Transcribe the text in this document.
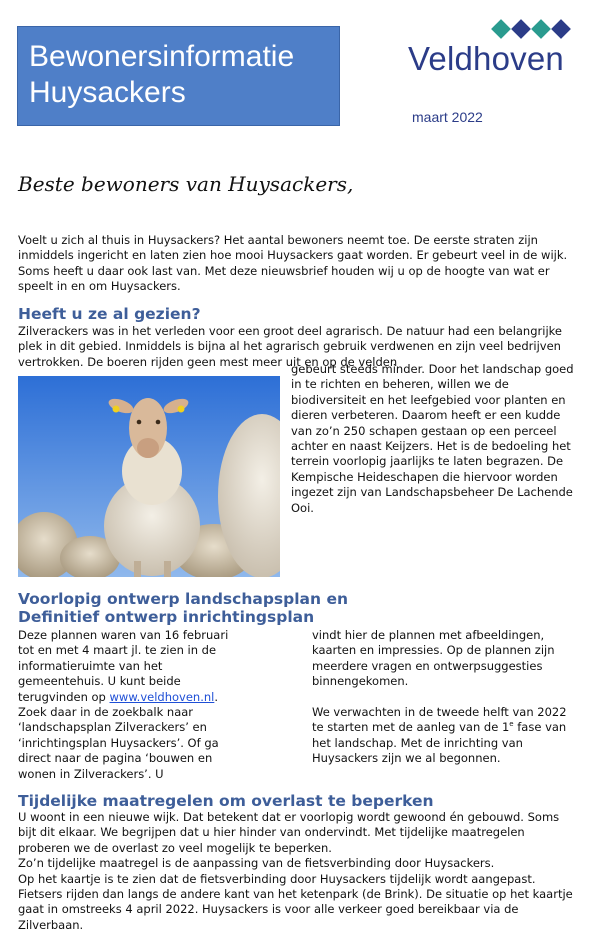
Bewonersinformatie
Huysackers
Veldhoven
maart 2022
Beste bewoners van Huysackers,

Voelt u zich al thuis in Huysackers? Het aantal bewoners neemt toe. De eerste straten zijn inmiddels ingericht en laten zien hoe mooi Huysackers gaat worden. Er gebeurt veel in de wijk. Soms heeft u daar ook last van. Met deze nieuwsbrief houden wij u op de hoogte van wat er speelt in en om Huysackers.

Heeft u ze al gezien?

Zilverackers was in het verleden voor een groot deel agrarisch. De natuur had een belangrijke plek in dit gebied. Inmiddels is bijna al het agrarisch gebruik verdwenen en zijn veel bedrijven vertrokken. De boeren rijden geen mest meer uit en op de velden

gebeurt steeds minder. Door het landschap goed in te richten en beheren, willen we de biodiversiteit en het leefgebied voor planten en dieren verbeteren. Daarom heeft er een kudde van zo’n 250 schapen gestaan op een perceel achter en naast Keijzers. Het is de bedoeling het terrein voorlopig jaarlijks te laten begrazen. De Kempische Heideschapen die hiervoor worden ingezet zijn van Landschapsbeheer De Lachende Ooi.

Voorlopig ontwerp landschapsplan en
Definitief ontwerp inrichtingsplan

Deze plannen waren van 16 februari tot en met 4 maart jl. te zien in de informatieruimte van het gemeentehuis. U kunt beide terugvinden op www.veldhoven.nl. Zoek daar in de zoekbalk naar ‘landschapsplan Zilverackers’ en ‘inrichtingsplan Huysackers’. Of ga direct naar de pagina ‘bouwen en wonen in Zilverackers’. U

vindt hier de plannen met afbeeldingen, kaarten en impressies. Op de plannen zijn meerdere vragen en ontwerpsuggesties binnengekomen.

We verwachten in de tweede helft van 2022 te starten met de aanleg van de 1e fase van het landschap. Met de inrichting van Huysackers zijn we al begonnen.

Tijdelijke maatregelen om overlast te beperken

U woont in een nieuwe wijk. Dat betekent dat er voorlopig wordt gewoond én gebouwd. Soms bijt dit elkaar. We begrijpen dat u hier hinder van ondervindt. Met tijdelijke maatregelen proberen we de overlast zo veel mogelijk te beperken.

Zo’n tijdelijke maatregel is de aanpassing van de fietsverbinding door Huysackers.

Op het kaartje is te zien dat de fietsverbinding door Huysackers tijdelijk wordt aangepast. Fietsers rijden dan langs de andere kant van het ketenpark (de Brink). De situatie op het kaartje gaat in omstreeks 4 april 2022. Huysackers is voor alle verkeer goed bereikbaar via de Zilverbaan.
